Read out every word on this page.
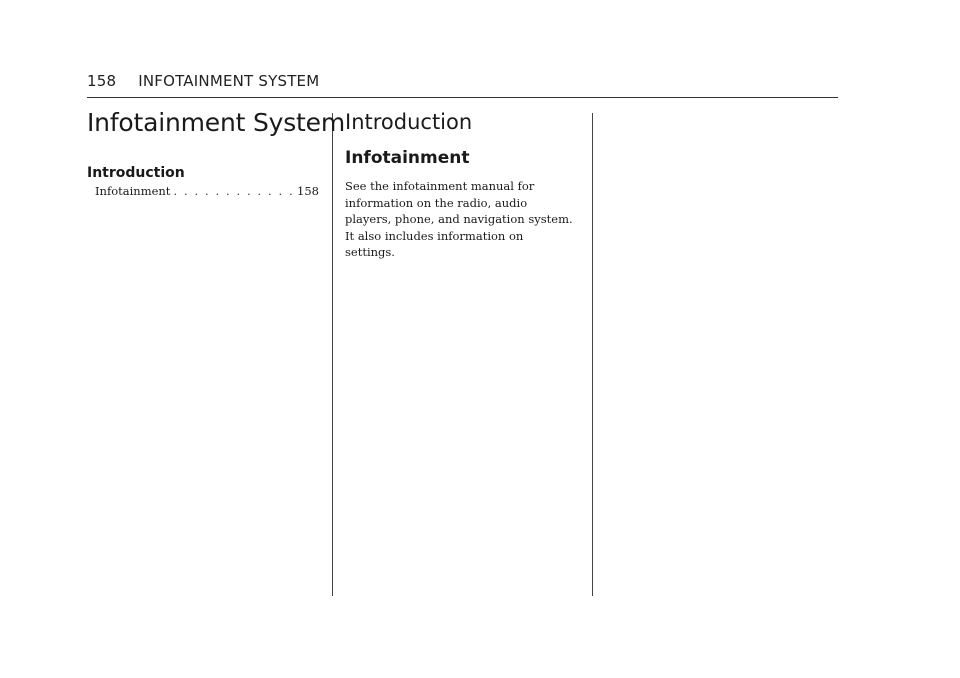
158 INFOTAINMENT SYSTEM
Infotainment System
Introduction
Infotainment
. . .	158
Introduction
Infotainment
See the infotainment manual for
information on the radio, audio
players, phone, and navigation system.
It also includes information on
settings.
